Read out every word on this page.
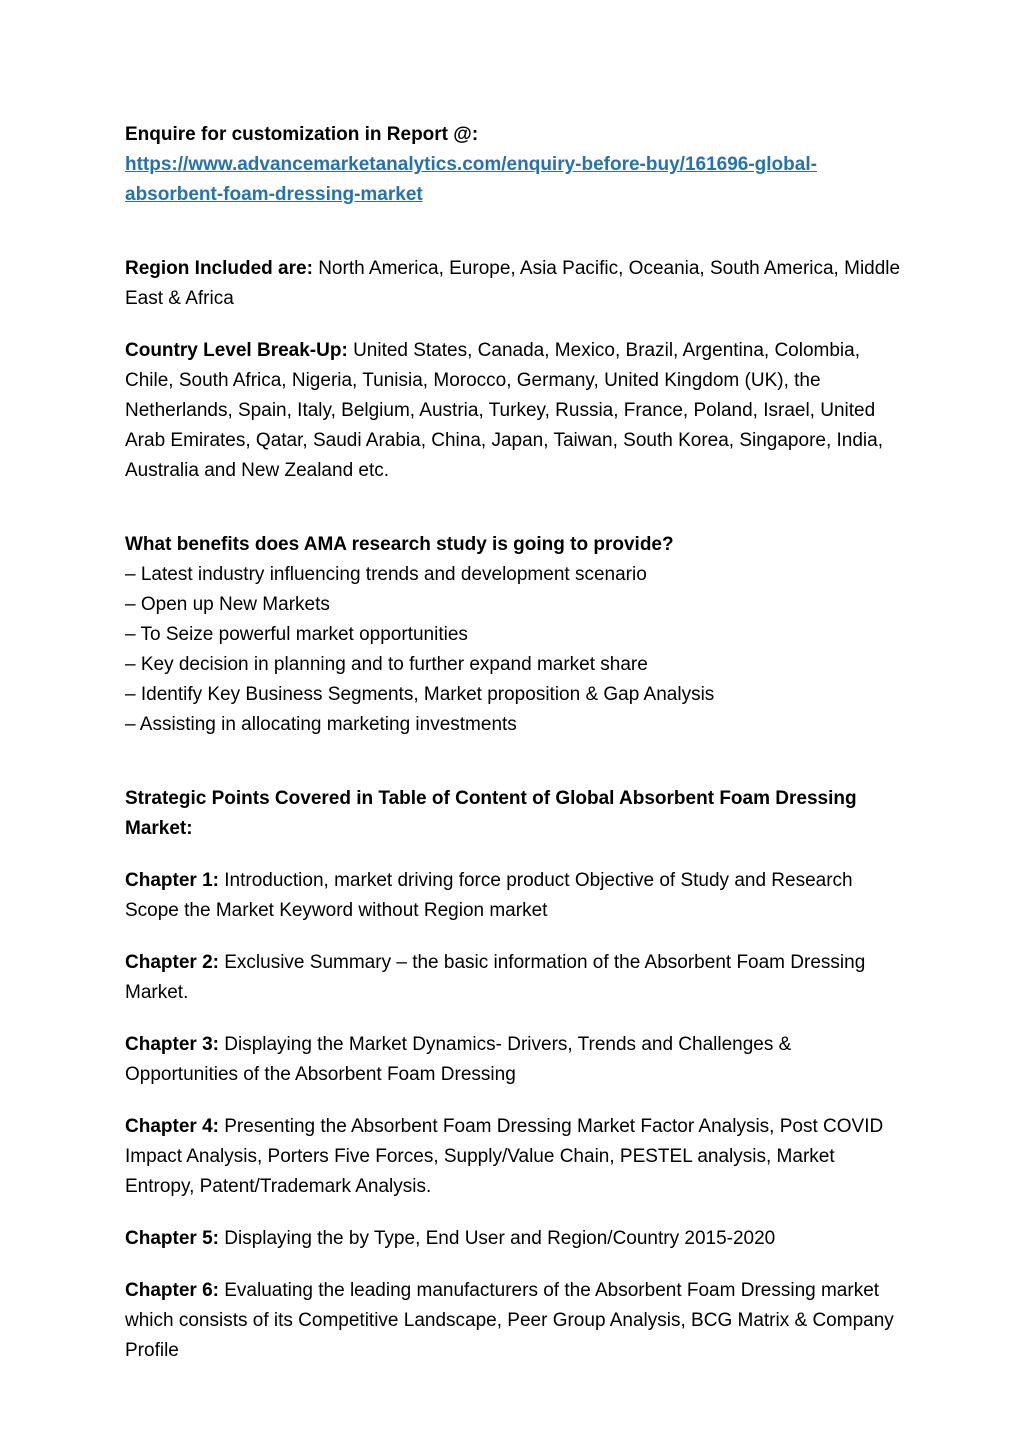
Enquire for customization in Report @:
https://www.advancemarketanalytics.com/enquiry-before-buy/161696-global-
absorbent-foam-dressing-market

Region Included are: North America, Europe, Asia Pacific, Oceania, South America, Middle East & Africa

Country Level Break-Up: United States, Canada, Mexico, Brazil, Argentina, Colombia, Chile, South Africa, Nigeria, Tunisia, Morocco, Germany, United Kingdom (UK), the Netherlands, Spain, Italy, Belgium, Austria, Turkey, Russia, France, Poland, Israel, United Arab Emirates, Qatar, Saudi Arabia, China, Japan, Taiwan, South Korea, Singapore, India, Australia and New Zealand etc.

What benefits does AMA research study is going to provide?
– Latest industry influencing trends and development scenario
– Open up New Markets
– To Seize powerful market opportunities
– Key decision in planning and to further expand market share
– Identify Key Business Segments, Market proposition & Gap Analysis
– Assisting in allocating marketing investments

Strategic Points Covered in Table of Content of Global Absorbent Foam Dressing Market:

Chapter 1: Introduction, market driving force product Objective of Study and Research Scope the Market Keyword without Region market

Chapter 2: Exclusive Summary – the basic information of the Absorbent Foam Dressing Market.

Chapter 3: Displaying the Market Dynamics- Drivers, Trends and Challenges & Opportunities of the Absorbent Foam Dressing

Chapter 4: Presenting the Absorbent Foam Dressing Market Factor Analysis, Post COVID Impact Analysis, Porters Five Forces, Supply/Value Chain, PESTEL analysis, Market Entropy, Patent/Trademark Analysis.

Chapter 5: Displaying the by Type, End User and Region/Country 2015-2020

Chapter 6: Evaluating the leading manufacturers of the Absorbent Foam Dressing market which consists of its Competitive Landscape, Peer Group Analysis, BCG Matrix & Company Profile
